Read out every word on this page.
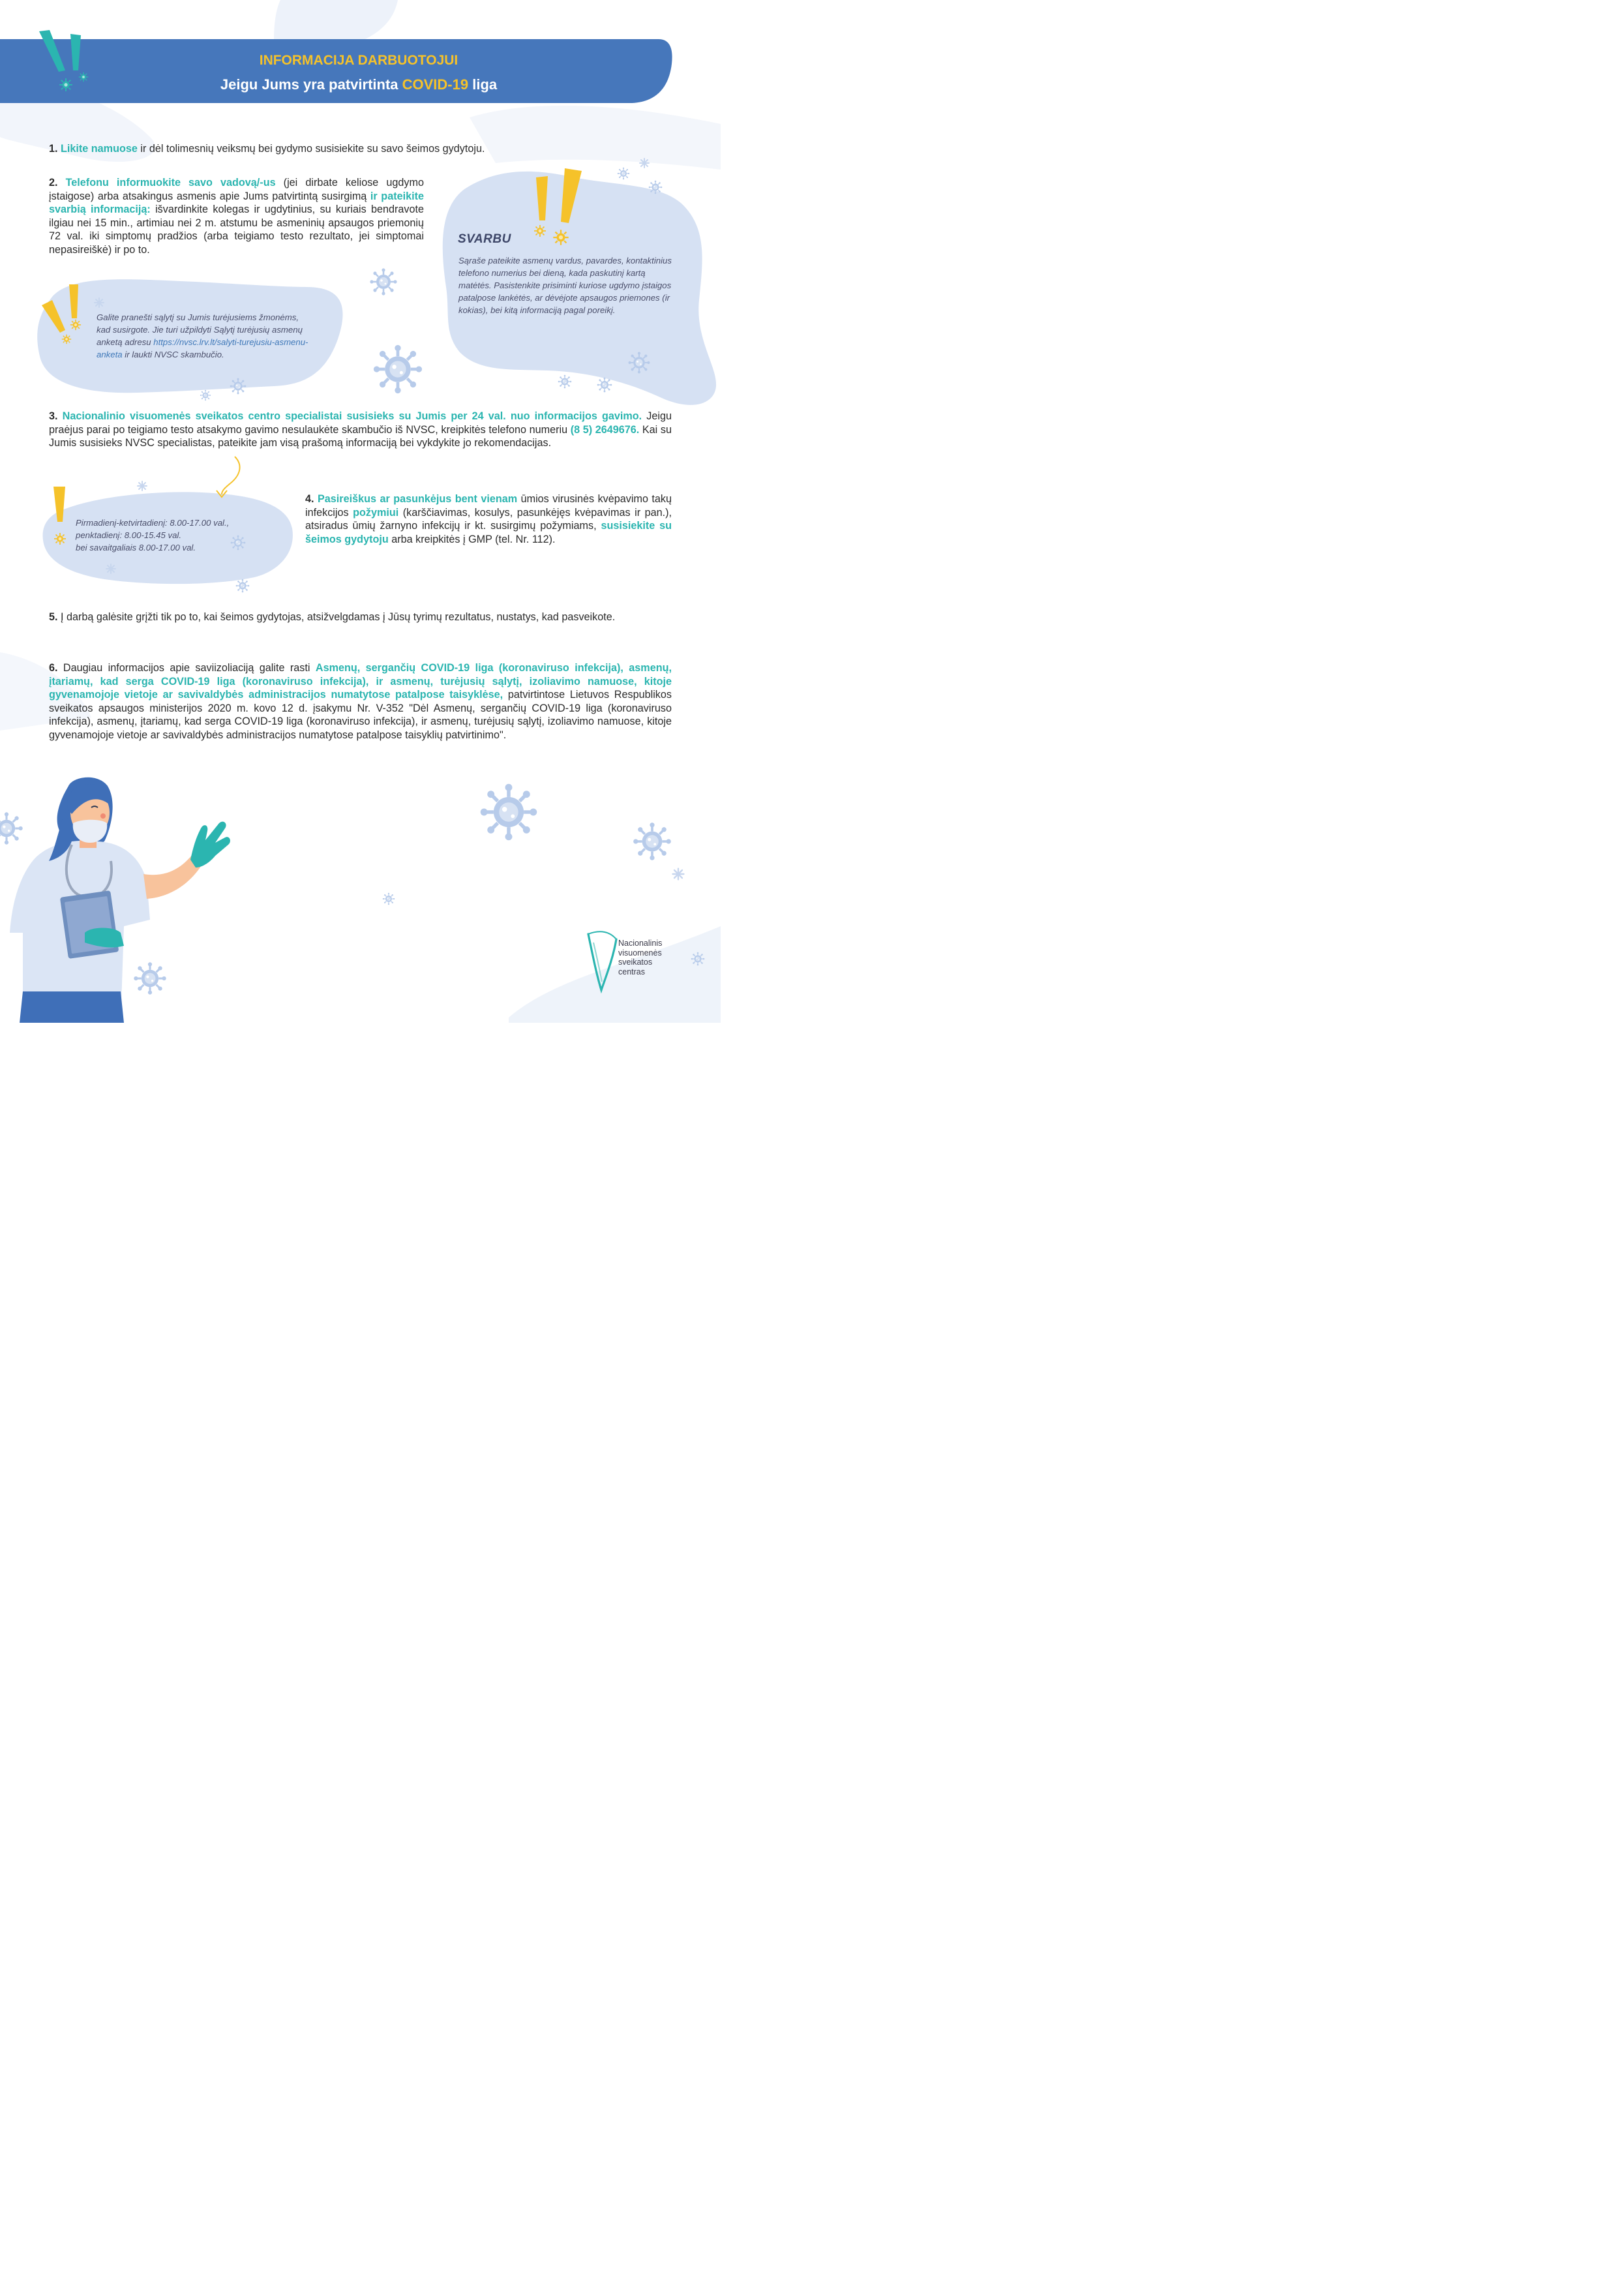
INFORMACIJA DARBUOTOJUI
Jeigu Jums yra patvirtinta COVID-19 liga
1. Likite namuose ir dėl tolimesnių veiksmų bei gydymo susisiekite su savo šeimos gydytoju.
2. Telefonu informuokite savo vadovą/-us (jei dirbate keliose ugdymo įstaigose) arba atsakingus asmenis apie Jums patvirtintą susirgimą ir pateikite svarbią informaciją: išvardinkite kolegas ir ugdytinius, su kuriais bendravote ilgiau nei 15 min., artimiau nei 2 m. atstumu be asmeninių apsaugos priemonių 72 val. iki simptomų pradžios (arba teigiamo testo rezultato, jei simptomai nepasireiškė) ir po to.
Galite pranešti sąlytį su Jumis turėjusiems žmonėms, kad susirgote. Jie turi užpildyti Sąlytį turėjusių asmenų anketą adresu https://nvsc.lrv.lt/salyti-turejusiu-asmenu-anketa ir laukti NVSC skambučio.
SVARBU
Sąraše pateikite asmenų vardus, pavardes, kontaktinius telefono numerius bei dieną, kada paskutinį kartą matėtės. Pasistenkite prisiminti kuriose ugdymo įstaigos patalpose lankėtės, ar dėvėjote apsaugos priemones (ir kokias), bei kitą informaciją pagal poreikį.
3. Nacionalinio visuomenės sveikatos centro specialistai susisieks su Jumis per 24 val. nuo informacijos gavimo. Jeigu praėjus parai po teigiamo testo atsakymo gavimo nesulaukėte skambučio iš NVSC, kreipkitės telefono numeriu (8 5) 2649676. Kai su Jumis susisieks NVSC specialistas, pateikite jam visą prašomą informaciją bei vykdykite jo rekomendacijas.
Pirmadienį-ketvirtadienį: 8.00-17.00 val.,
penktadienį: 8.00-15.45 val.
bei savaitgaliais 8.00-17.00 val.
4. Pasireiškus ar pasunkėjus bent vienam ūmios virusinės kvėpavimo takų infekcijos požymiui (karščiavimas, kosulys, pasunkėjęs kvėpavimas ir pan.), atsiradus ūmių žarnyno infekcijų ir kt. susirgimų požymiams, susisiekite su šeimos gydytoju arba kreipkitės į GMP (tel. Nr. 112).
5. Į darbą galėsite grįžti tik po to, kai šeimos gydytojas, atsižvelgdamas į Jūsų tyrimų rezultatus, nustatys, kad pasveikote.
6. Daugiau informacijos apie saviizoliaciją galite rasti Asmenų, sergančių COVID-19 liga (koronaviruso infekcija), asmenų, įtariamų, kad serga COVID-19 liga (koronaviruso infekcija), ir asmenų, turėjusių sąlytį, izoliavimo namuose, kitoje gyvenamojoje vietoje ar savivaldybės administracijos numatytose patalpose taisyklėse, patvirtintose Lietuvos Respublikos sveikatos apsaugos ministerijos 2020 m. kovo 12 d. įsakymu Nr. V-352 "Dėl Asmenų, sergančių COVID-19 liga (koronaviruso infekcija), asmenų, įtariamų, kad serga COVID-19 liga (koronaviruso infekcija), ir asmenų, turėjusių sąlytį, izoliavimo namuose, kitoje gyvenamojoje vietoje ar savivaldybės administracijos numatytose patalpose taisyklių patvirtinimo".
Nacionalinis
visuomenės
sveikatos
centras
